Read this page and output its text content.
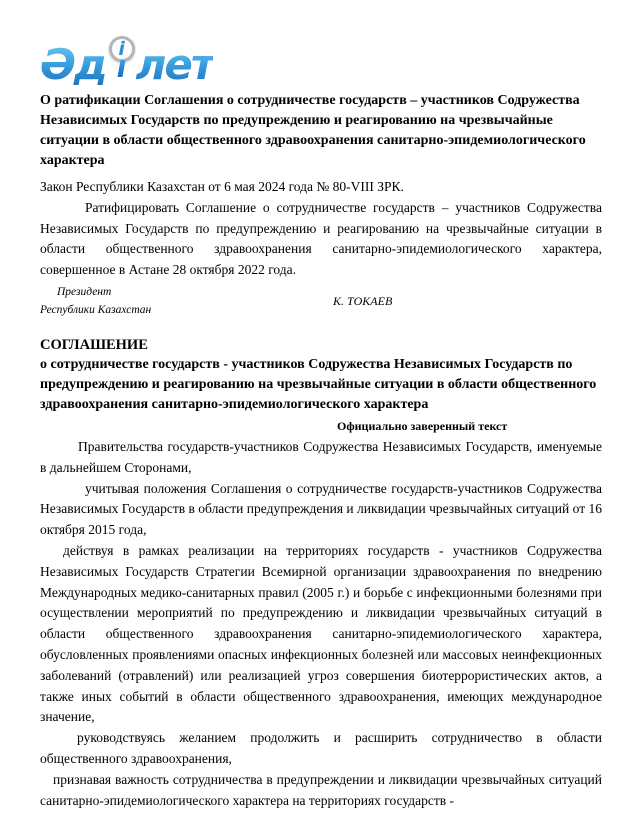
Әд і лет
О ратификации Соглашения о сотрудничестве государств – участников Содружества Независимых Государств по предупреждению и реагированию на чрезвычайные ситуации в области общественного здравоохранения санитарно-эпидемиологического характера

Закон Республики Казахстан от 6 мая 2024 года № 80-VIII ЗРК.

Ратифицировать Соглашение о сотрудничестве государств – участников Содружества Независимых Государств по предупреждению и реагированию на чрезвычайные ситуации в области общественного здравоохранения санитарно-эпидемиологического характера, совершенное в Астане 28 октября 2022 года.

Президент
Республики Казахстан
К. ТОКАЕВ
СОГЛАШЕНИЕ
о сотрудничестве государств - участников Содружества Независимых Государств по предупреждению и реагированию на чрезвычайные ситуации в области общественного здравоохранения санитарно-эпидемиологического характера
Официально заверенный текст

Правительства государств-участников Содружества Независимых Государств, именуемые в дальнейшем Сторонами,

учитывая положения Соглашения о сотрудничестве государств-участников Содружества Независимых Государств в области предупреждения и ликвидации чрезвычайных ситуаций от 16 октября 2015 года,

действуя в рамках реализации на территориях государств - участников Содружества Независимых Государств Стратегии Всемирной организации здравоохранения по внедрению Международных медико-санитарных правил (2005 г.) и борьбе с инфекционными болезнями при осуществлении мероприятий по предупреждению и ликвидации чрезвычайных ситуаций в области общественного здравоохранения санитарно-эпидемиологического характера, обусловленных проявлениями опасных инфекционных болезней или массовых неинфекционных заболеваний (отравлений) или реализацией угроз совершения биотеррористических актов, а также иных событий в области общественного здравоохранения, имеющих международное значение,

руководствуясь желанием продолжить и расширить сотрудничество в области общественного здравоохранения,

признавая важность сотрудничества в предупреждении и ликвидации чрезвычайных ситуаций санитарно-эпидемиологического характера на территориях государств -
